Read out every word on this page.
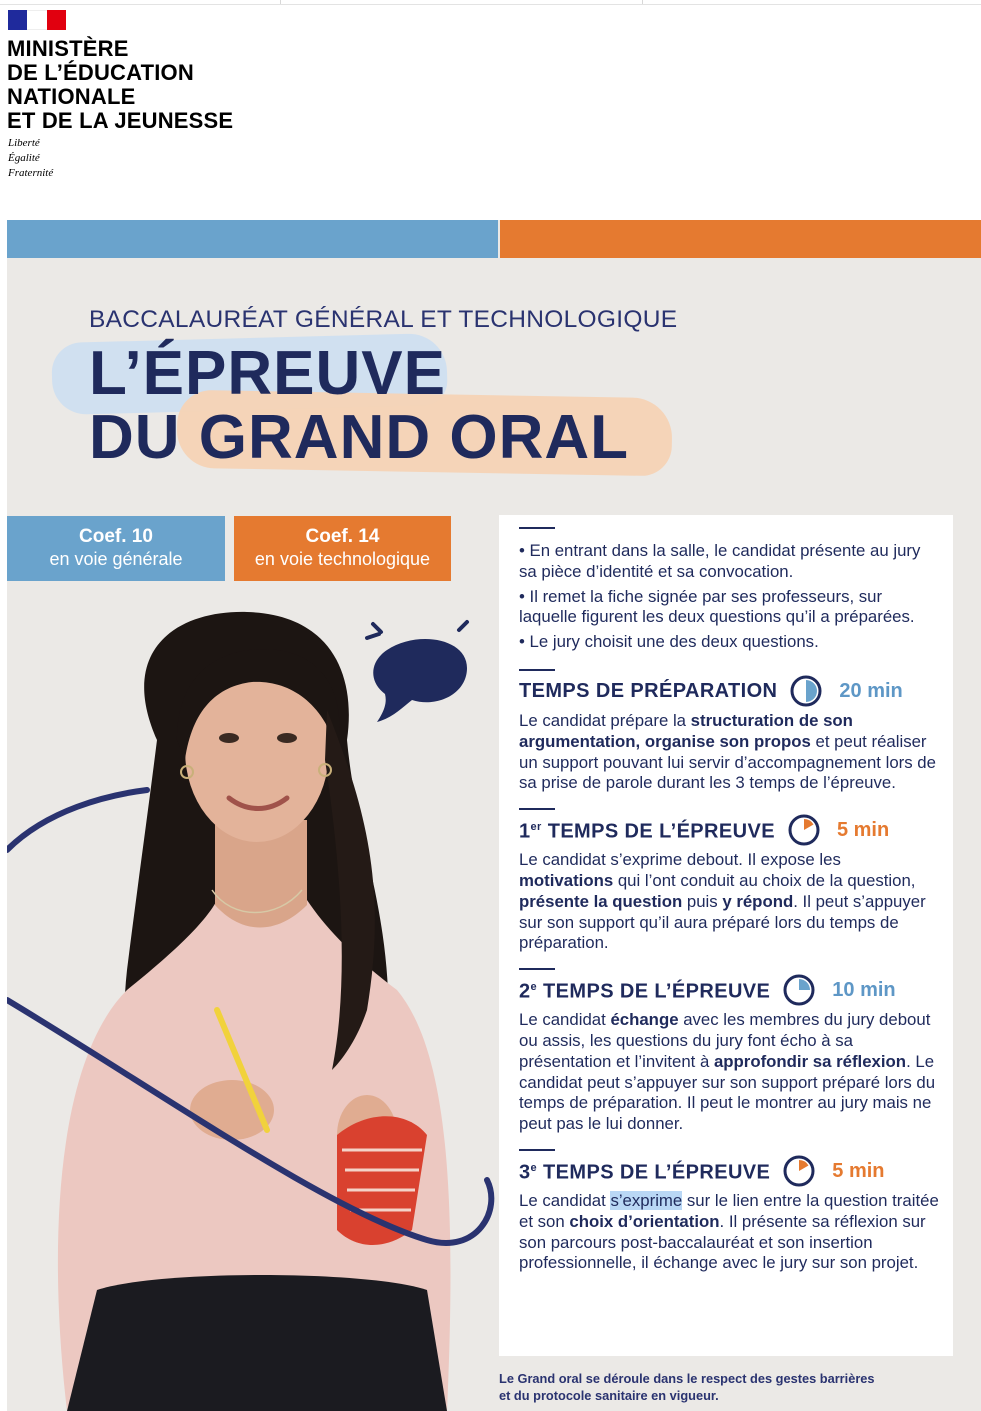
MINISTÈRE
DE L’ÉDUCATION
NATIONALE
ET DE LA JEUNESSE
Liberté
Égalité
Fraternité
BACCALAURÉAT GÉNÉRAL ET TECHNOLOGIQUE
L’ÉPREUVE
DU GRAND ORAL
Coef. 10
en voie générale
Coef. 14
en voie technologique	• En entrant dans la salle, le candidat présente au jury sa pièce d’identité et sa convocation.

• Il remet la fiche signée par ses professeurs, sur laquelle figurent les deux questions qu’il a préparées.

• Le jury choisit une des deux questions.

TEMPS DE PRÉPARATION	20 min

Le candidat prépare la structuration de son argumentation, organise son propos et peut réaliser un support pouvant lui servir d’accompagnement lors de sa prise de parole durant les 3 temps de l’épreuve.

1er TEMPS DE L’ÉPREUVE	5 min

Le candidat s’exprime debout. Il expose les motivations qui l’ont conduit au choix de la question, présente la question puis y répond. Il peut s’appuyer sur son support qu’il aura préparé lors du temps de préparation.

2e TEMPS DE L’ÉPREUVE	10 min

Le candidat échange avec les membres du jury debout ou assis, les questions du jury font écho à sa présentation et l’invitent à approfondir sa réflexion. Le candidat peut s’appuyer sur son support préparé lors du temps de préparation. Il peut le montrer au jury mais ne peut pas le lui donner.

3e TEMPS DE L’ÉPREUVE	5 min

Le candidat s’exprime sur le lien entre la question traitée et son choix d’orientation. Il présente sa réflexion sur son parcours post-baccalauréat et son insertion professionnelle, il échange avec le jury sur son projet.

Le Grand oral se déroule dans le respect des gestes barrières
et du protocole sanitaire en vigueur.
